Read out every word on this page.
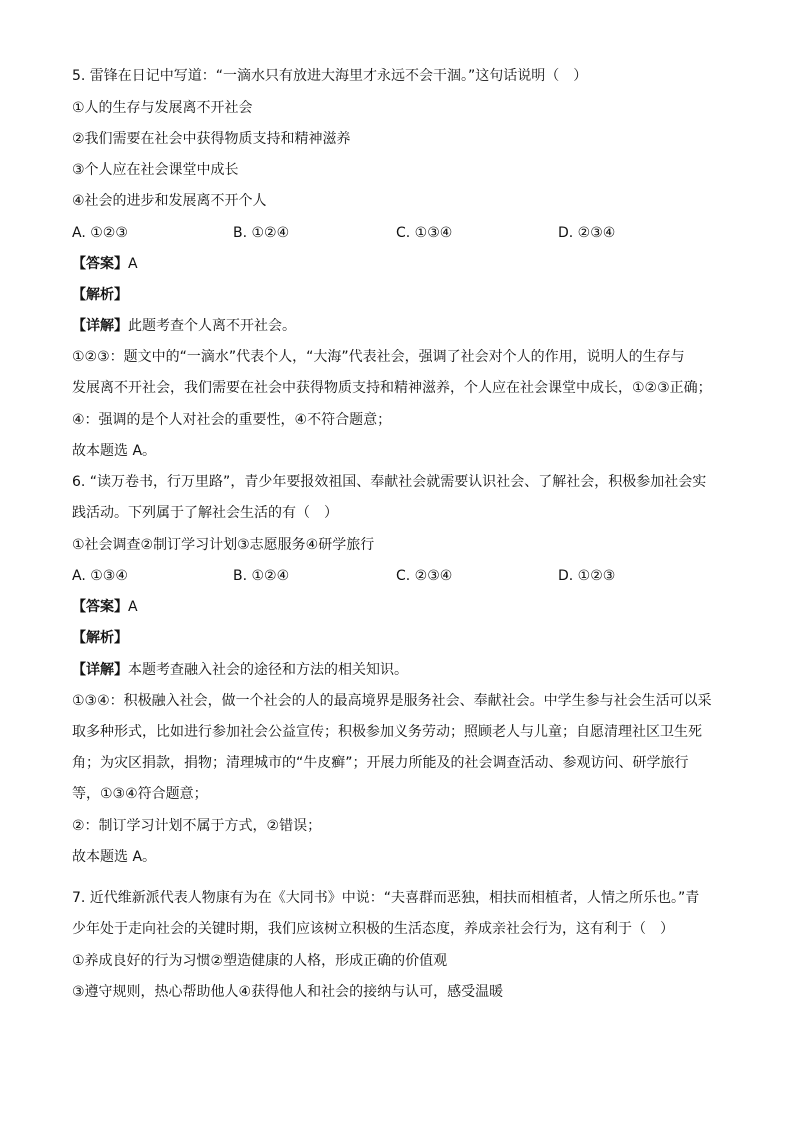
5. 雷锋在日记中写道：“一滴水只有放进大海里才永远不会干涸。”这句话说明（　）
①人的生存与发展离不开社会
②我们需要在社会中获得物质支持和精神滋养
③个人应在社会课堂中成长
④社会的进步和发展离不开个人
A. ①②③	B. ①②④	C. ①③④	D. ②③④
【答案】A
【解析】
【详解】此题考查个人离不开社会。
①②③：题文中的“一滴水”代表个人，“大海”代表社会，强调了社会对个人的作用，说明人的生存与
发展离不开社会，我们需要在社会中获得物质支持和精神滋养，个人应在社会课堂中成长，①②③正确；
④：强调的是个人对社会的重要性，④不符合题意；
故本题选 A。
6. “读万卷书，行万里路”，青少年要报效祖国、奉献社会就需要认识社会、了解社会，积极参加社会实
践活动。下列属于了解社会生活的有（　）
①社会调查②制订学习计划③志愿服务④研学旅行
A. ①③④	B. ①②④	C. ②③④	D. ①②③
【答案】A
【解析】
【详解】本题考查融入社会的途径和方法的相关知识。
①③④：积极融入社会，做一个社会的人的最高境界是服务社会、奉献社会。中学生参与社会生活可以采
取多种形式，比如进行参加社会公益宣传；积极参加义务劳动；照顾老人与儿童；自愿清理社区卫生死
角；为灾区捐款，捐物；清理城市的“牛皮癣”；开展力所能及的社会调查活动、参观访问、研学旅行
等，①③④符合题意；
②：制订学习计划不属于方式，②错误；
故本题选 A。
7. 近代维新派代表人物康有为在《大同书》中说：“夫喜群而恶独，相扶而相植者，人情之所乐也。”青
少年处于走向社会的关键时期，我们应该树立积极的生活态度，养成亲社会行为，这有利于（　）
①养成良好的行为习惯②塑造健康的人格，形成正确的价值观
③遵守规则，热心帮助他人④获得他人和社会的接纳与认可，感受温暖
